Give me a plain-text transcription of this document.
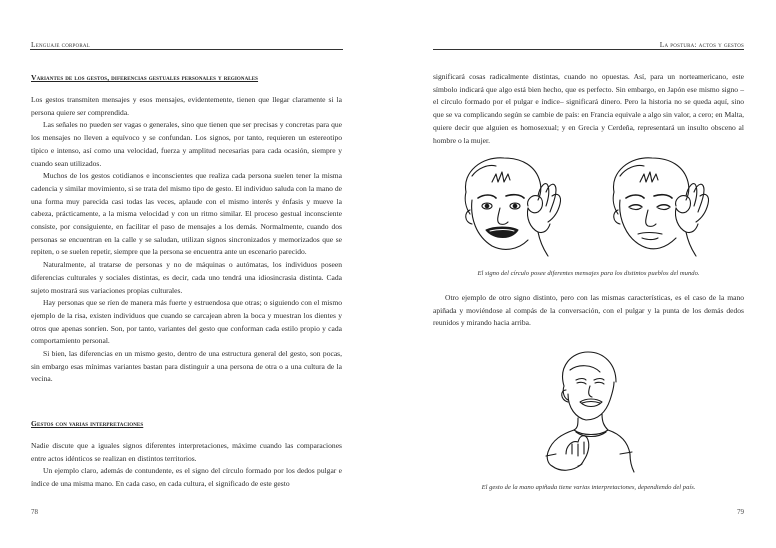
Lenguaje corporal
Variantes de los gestos, diferencias gestuales personales y regionales

Los gestos transmiten mensajes y esos mensajes, evidentemente, tienen que llegar claramente si la persona quiere ser comprendida.

Las señales no pueden ser vagas o generales, sino que tienen que ser precisas y concretas para que los mensajes no lleven a equívoco y se confundan. Los signos, por tanto, requieren un estereotipo típico e intenso, así como una velocidad, fuerza y amplitud necesarias para cada ocasión, siempre y cuando sean utilizados.

Muchos de los gestos cotidianos e inconscientes que realiza cada persona suelen tener la misma cadencia y similar movimiento, si se trata del mismo tipo de gesto. El individuo saluda con la mano de una forma muy parecida casi todas las veces, aplaude con el mismo interés y énfasis y mueve la cabeza, prácticamente, a la misma velocidad y con un ritmo similar. El proceso gestual inconsciente consiste, por consiguiente, en facilitar el paso de mensajes a los demás. Normalmente, cuando dos personas se encuentran en la calle y se saludan, utilizan signos sincronizados y memorizados que se repiten, o se suelen repetir, siempre que la persona se encuentra ante un escenario parecido.

Naturalmente, al tratarse de personas y no de máquinas o autómatas, los individuos poseen diferencias culturales y sociales distintas, es decir, cada uno tendrá una idiosincrasia distinta. Cada sujeto mostrará sus variaciones propias culturales.

Hay personas que se ríen de manera más fuerte y estruendosa que otras; o siguiendo con el mismo ejemplo de la risa, existen individuos que cuando se carcajean abren la boca y muestran los dientes y otros que apenas sonríen. Son, por tanto, variantes del gesto que conforman cada estilo propio y cada comportamiento personal.

Si bien, las diferencias en un mismo gesto, dentro de una estructura general del gesto, son pocas, sin embargo esas mínimas variantes bastan para distinguir a una persona de otra o a una cultura de la vecina.

Gestos con varias interpretaciones

Nadie discute que a iguales signos diferentes interpretaciones, máxime cuando las comparaciones entre actos idénticos se realizan en distintos territorios.

Un ejemplo claro, además de contundente, es el signo del círculo formado por los dedos pulgar e índice de una misma mano. En cada caso, en cada cultura, el significado de este gesto

78
La postura: actos y gestos

significará cosas radicalmente distintas, cuando no opuestas. Así, para un norteamericano, este símbolo indicará que algo está bien hecho, que es perfecto. Sin embargo, en Japón ese mismo signo –el círculo formado por el pulgar e índice– significará dinero. Pero la historia no se queda aquí, sino que se va complicando según se cambie de país: en Francia equivale a algo sin valor, a cero; en Malta, quiere decir que alguien es homosexual; y en Grecia y Cerdeña, representará un insulto obsceno al hombre o la mujer.

El signo del círculo posee diferentes mensajes para los distintos pueblos del mundo.

Otro ejemplo de otro signo distinto, pero con las mismas características, es el caso de la mano apiñada y moviéndose al compás de la conversación, con el pulgar y la punta de los demás dedos reunidos y mirando hacia arriba.

El gesto de la mano apiñada tiene varias interpretaciones, dependiendo del país.
79
